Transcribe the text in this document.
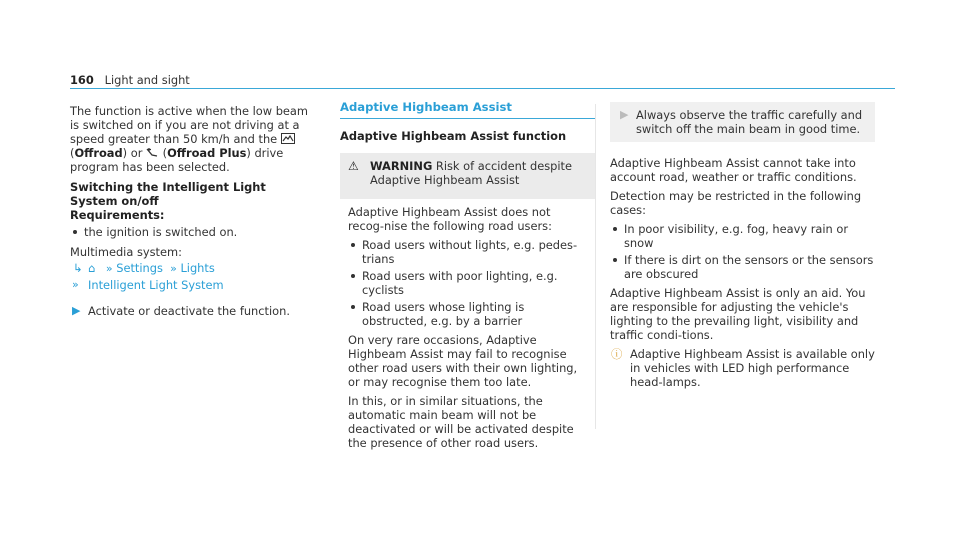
160 Light and sight

The function is active when the low beam is switched on if you are not driving at a speed greater than 50 km/h and the  (Offroad) or (Offroad Plus) drive program has been selected.

Switching the Intelligent Light System on/off
Requirements:
the ignition is switched on.

Multimedia system:

↳ ⌂   » Settings  » Lights
» Intelligent Light System
▶ Activate or deactivate the function.
Adaptive Highbeam Assist
Adaptive Highbeam Assist function
⚠ WARNING Risk of accident despite Adaptive Highbeam Assist

Adaptive Highbeam Assist does not recog-nise the following road users:

Road users without lights, e.g. pedes-trians
Road users with poor lighting, e.g. cyclists
Road users whose lighting is obstructed, e.g. by a barrier

On very rare occasions, Adaptive Highbeam Assist may fail to recognise other road users with their own lighting, or may recognise them too late.

In this, or in similar situations, the automatic main beam will not be deactivated or will be activated despite the presence of other road users.

▶ Always observe the traffic carefully and switch off the main beam in good time.

Adaptive Highbeam Assist cannot take into account road, weather or traffic conditions.

Detection may be restricted in the following cases:

In poor visibility, e.g. fog, heavy rain or snow
If there is dirt on the sensors or the sensors are obscured

Adaptive Highbeam Assist is only an aid. You are responsible for adjusting the vehicle's lighting to the prevailing light, visibility and traffic condi-tions.

ⓘ Adaptive Highbeam Assist is available only in vehicles with LED high performance head-lamps.
